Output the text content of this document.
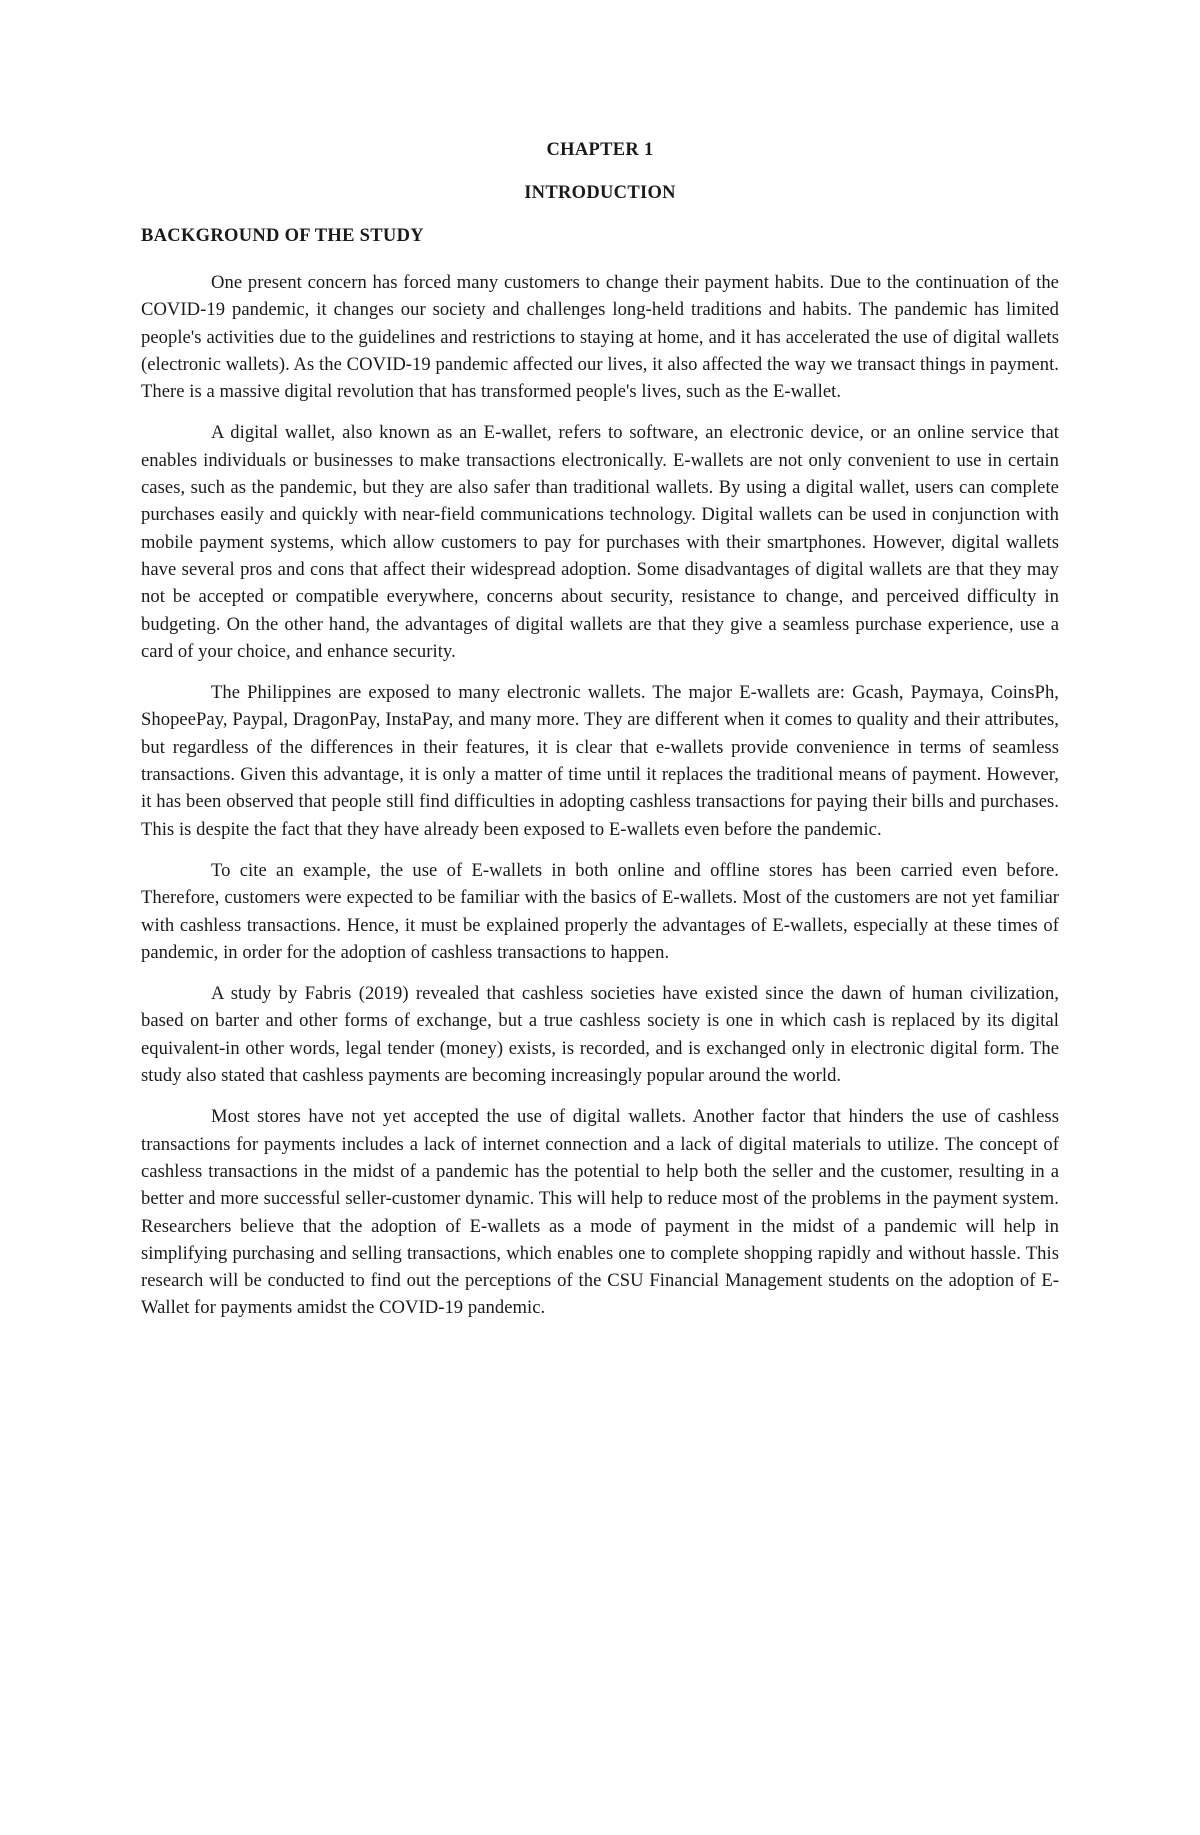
CHAPTER 1
INTRODUCTION
BACKGROUND OF THE STUDY

One present concern has forced many customers to change their payment habits. Due to the continuation of the COVID-19 pandemic, it changes our society and challenges long-held traditions and habits. The pandemic has limited people's activities due to the guidelines and restrictions to staying at home, and it has accelerated the use of digital wallets (electronic wallets). As the COVID-19 pandemic affected our lives, it also affected the way we transact things in payment. There is a massive digital revolution that has transformed people's lives, such as the E-wallet.

A digital wallet, also known as an E-wallet, refers to software, an electronic device, or an online service that enables individuals or businesses to make transactions electronically. E-wallets are not only convenient to use in certain cases, such as the pandemic, but they are also safer than traditional wallets. By using a digital wallet, users can complete purchases easily and quickly with near-field communications technology. Digital wallets can be used in conjunction with mobile payment systems, which allow customers to pay for purchases with their smartphones. However, digital wallets have several pros and cons that affect their widespread adoption. Some disadvantages of digital wallets are that they may not be accepted or compatible everywhere, concerns about security, resistance to change, and perceived difficulty in budgeting. On the other hand, the advantages of digital wallets are that they give a seamless purchase experience, use a card of your choice, and enhance security.

The Philippines are exposed to many electronic wallets. The major E-wallets are: Gcash, Paymaya, CoinsPh, ShopeePay, Paypal, DragonPay, InstaPay, and many more. They are different when it comes to quality and their attributes, but regardless of the differences in their features, it is clear that e-wallets provide convenience in terms of seamless transactions. Given this advantage, it is only a matter of time until it replaces the traditional means of payment. However, it has been observed that people still find difficulties in adopting cashless transactions for paying their bills and purchases. This is despite the fact that they have already been exposed to E-wallets even before the pandemic.

To cite an example, the use of E-wallets in both online and offline stores has been carried even before. Therefore, customers were expected to be familiar with the basics of E-wallets. Most of the customers are not yet familiar with cashless transactions. Hence, it must be explained properly the advantages of E-wallets, especially at these times of pandemic, in order for the adoption of cashless transactions to happen.

A study by Fabris (2019) revealed that cashless societies have existed since the dawn of human civilization, based on barter and other forms of exchange, but a true cashless society is one in which cash is replaced by its digital equivalent-in other words, legal tender (money) exists, is recorded, and is exchanged only in electronic digital form. The study also stated that cashless payments are becoming increasingly popular around the world.

Most stores have not yet accepted the use of digital wallets. Another factor that hinders the use of cashless transactions for payments includes a lack of internet connection and a lack of digital materials to utilize. The concept of cashless transactions in the midst of a pandemic has the potential to help both the seller and the customer, resulting in a better and more successful seller-customer dynamic. This will help to reduce most of the problems in the payment system. Researchers believe that the adoption of E-wallets as a mode of payment in the midst of a pandemic will help in simplifying purchasing and selling transactions, which enables one to complete shopping rapidly and without hassle. This research will be conducted to find out the perceptions of the CSU Financial Management students on the adoption of E-Wallet for payments amidst the COVID-19 pandemic.
